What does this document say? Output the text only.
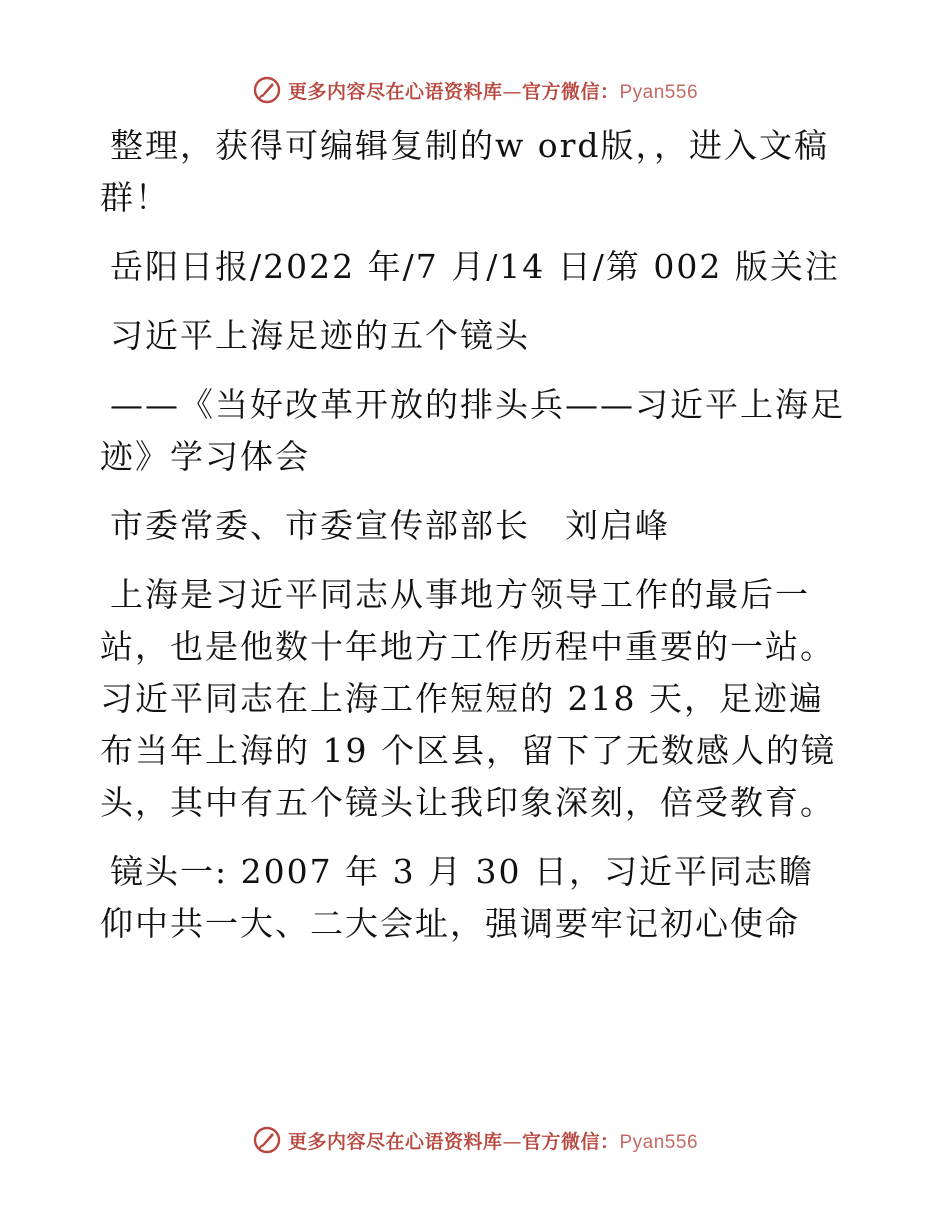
更多内容尽在心语资料库—官方微信：Pyan556

整理，获得可编辑复制的w ord版，，进入文稿群！

岳阳日报/2022 年/7 月/14 日/第 002 版关注

习近平上海足迹的五个镜头

——《当好改革开放的排头兵——习近平上海足迹》学习体会

市委常委、市委宣传部部长　刘启峰

上海是习近平同志从事地方领导工作的最后一站，也是他数十年地方工作历程中重要的一站。习近平同志在上海工作短短的 218 天，足迹遍布当年上海的 19 个区县，留下了无数感人的镜头，其中有五个镜头让我印象深刻，倍受教育。

镜头一: 2007 年 3 月 30 日，习近平同志瞻仰中共一大、二大会址，强调要牢记初心使命

更多内容尽在心语资料库—官方微信：Pyan556
